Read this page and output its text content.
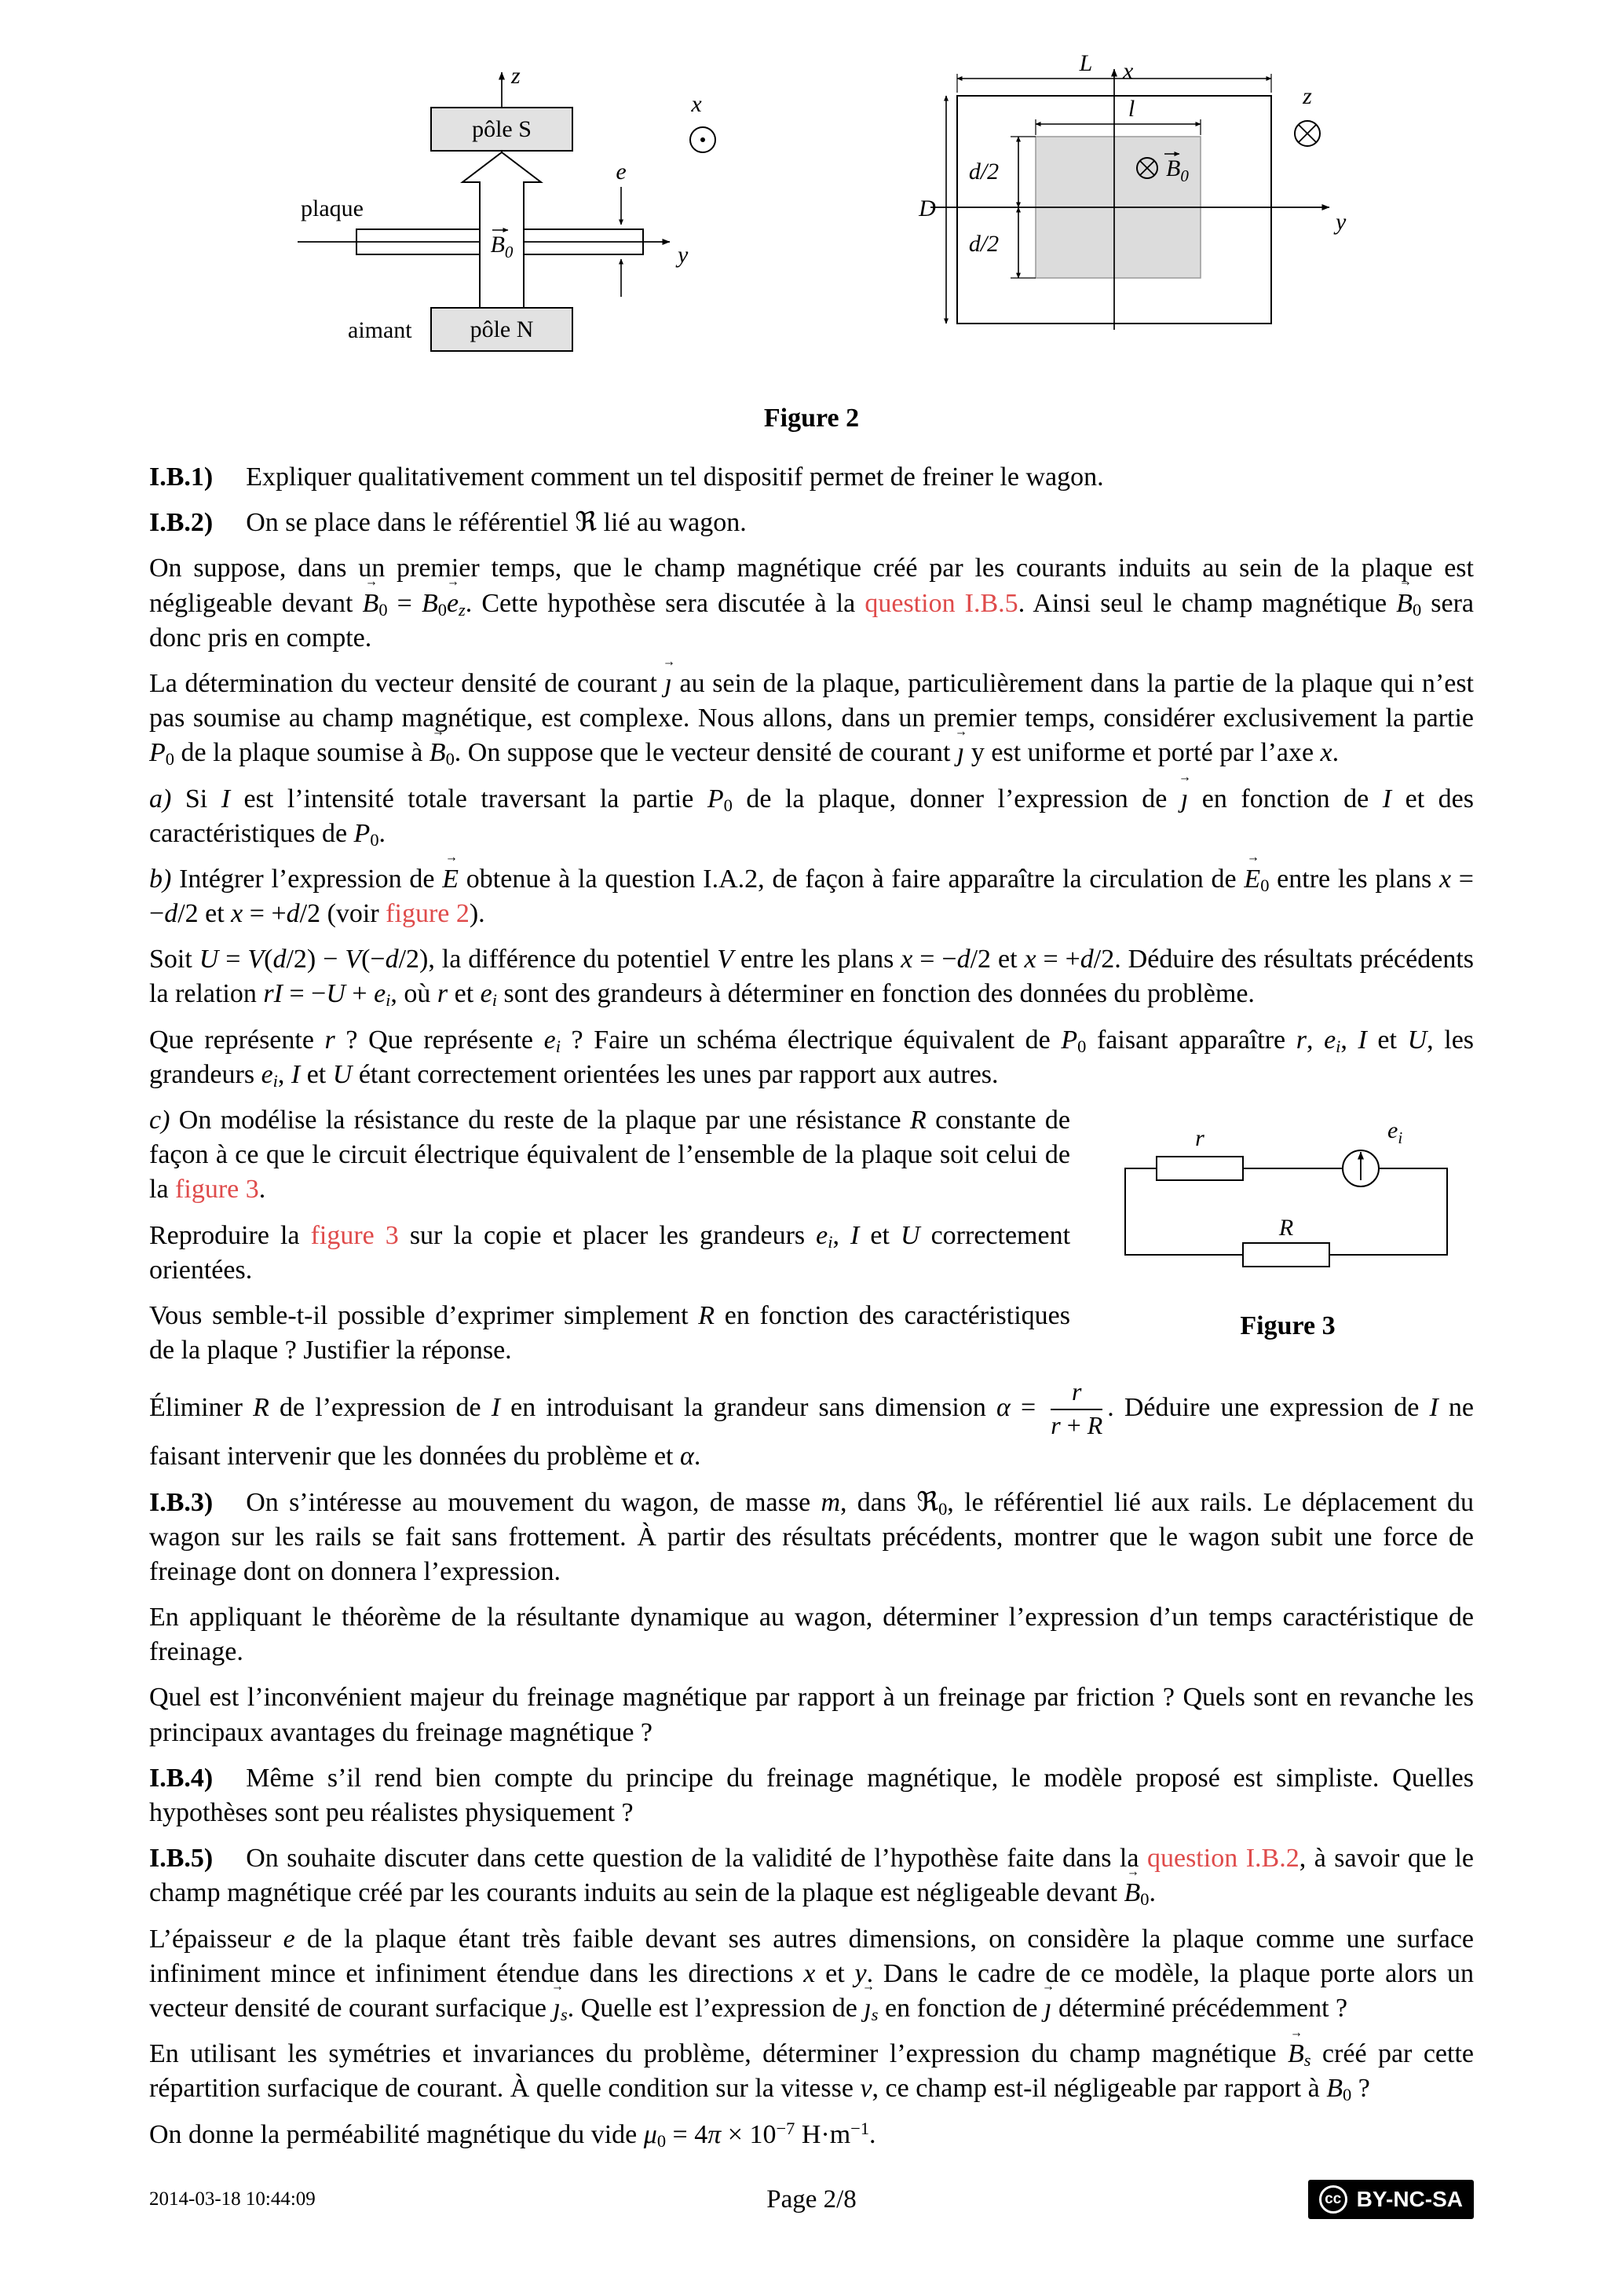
pôle S
pôle N
plaque
aimant
z
y
x
$B_0$
e
L
l
D
d/2
d/2
x
y
$B_0$
z
Figure 2

I.B.1) Expliquer qualitativement comment un tel dispositif permet de freiner le wagon.

I.B.2) On se place dans le référentiel ℜ lié au wagon.

On suppose, dans un premier temps, que le champ magnétique créé par les courants induits au sein de la plaque est négligeable devant → $B_0 = B_0\to e_z$. Cette hypothèse sera discutée à la question I.B.5. Ainsi seul le champ magnétique → $B_0$ sera donc pris en compte.

La détermination du vecteur densité de courant → ȷ au sein de la plaque, particulièrement dans la partie de la plaque qui n’est pas soumise au champ magnétique, est complexe. Nous allons, dans un premier temps, considérer exclusivement la partie $P_0$ de la plaque soumise à → $B_0$. On suppose que le vecteur densité de courant → ȷ y est uniforme et porté par l’axe x.

a) Si I est l’intensité totale traversant la partie $P_0$ de la plaque, donner l’expression de → ȷ en fonction de I et des caractéristiques de $P_0$.

b) Intégrer l’expression de → E obtenue à la question I.A.2, de façon à faire apparaître la circulation de → $E_0$ entre les plans x = −d/2 et x = +d/2 (voir figure 2).

Soit U = V(d/2) − V(−d/2), la différence du potentiel V entre les plans x = −d/2 et x = +d/2. Déduire des résultats précédents la relation rI = $-U + e_i$, où r et $e_i$ sont des grandeurs à déterminer en fonction des données du problème.

Que représente r ? Que représente $e_i$ ? Faire un schéma électrique équivalent de $P_0$ faisant apparaître r, $e_i$, I et U, les grandeurs $e_i$, I et U étant correctement orientées les unes par rapport aux autres.

r
R
$e_i$
Figure 3

c) On modélise la résistance du reste de la plaque par une résistance R constante de façon à ce que le circuit électrique équivalent de l’ensemble de la plaque soit celui de la figure 3.

Reproduire la figure 3 sur la copie et placer les grandeurs $e_i$, I et U correctement orientées.

Vous semble-t-il possible d’exprimer simplement R en fonction des caractéristiques de la plaque ? Justifier la réponse.

Éliminer R de l’expression de I en introduisant la grandeur sans dimension $\alpha = \frac{r}{r + R}$ . Déduire une expression de I ne faisant intervenir que les données du problème et α.

I.B.3) On s’intéresse au mouvement du wagon, de masse m, dans ℜ$_0$, le référentiel lié aux rails. Le déplacement du wagon sur les rails se fait sans frottement. À partir des résultats précédents, montrer que le wagon subit une force de freinage dont on donnera l’expression.

En appliquant le théorème de la résultante dynamique au wagon, déterminer l’expression d’un temps caractéristique de freinage.

Quel est l’inconvénient majeur du freinage magnétique par rapport à un freinage par friction ? Quels sont en revanche les principaux avantages du freinage magnétique ?

I.B.4) Même s’il rend bien compte du principe du freinage magnétique, le modèle proposé est simpliste. Quelles hypothèses sont peu réalistes physiquement ?

I.B.5) On souhaite discuter dans cette question de la validité de l’hypothèse faite dans la question I.B.2, à savoir que le champ magnétique créé par les courants induits au sein de la plaque est négligeable devant → $B_0$.

L’épaisseur e de la plaque étant très faible devant ses autres dimensions, on considère la plaque comme une surface infiniment mince et infiniment étendue dans les directions x et y. Dans le cadre de ce modèle, la plaque porte alors un vecteur densité de courant surfacique → $ȷ_s$. Quelle est l’expression de → $ȷ_s$ en fonction de → ȷ déterminé précédemment ?

En utilisant les symétries et invariances du problème, déterminer l’expression du champ magnétique → $B_s$ créé par cette répartition surfacique de courant. À quelle condition sur la vitesse v, ce champ est-il négligeable par rapport à $B_0$ ?

On donne la perméabilité magnétique du vide $\mu_0 = 4\pi \times 10^{-7}$ $H\cdot m^{-1}$.

2014-03-18 10:44:09	Page 2/8	cc BY-NC-SA
